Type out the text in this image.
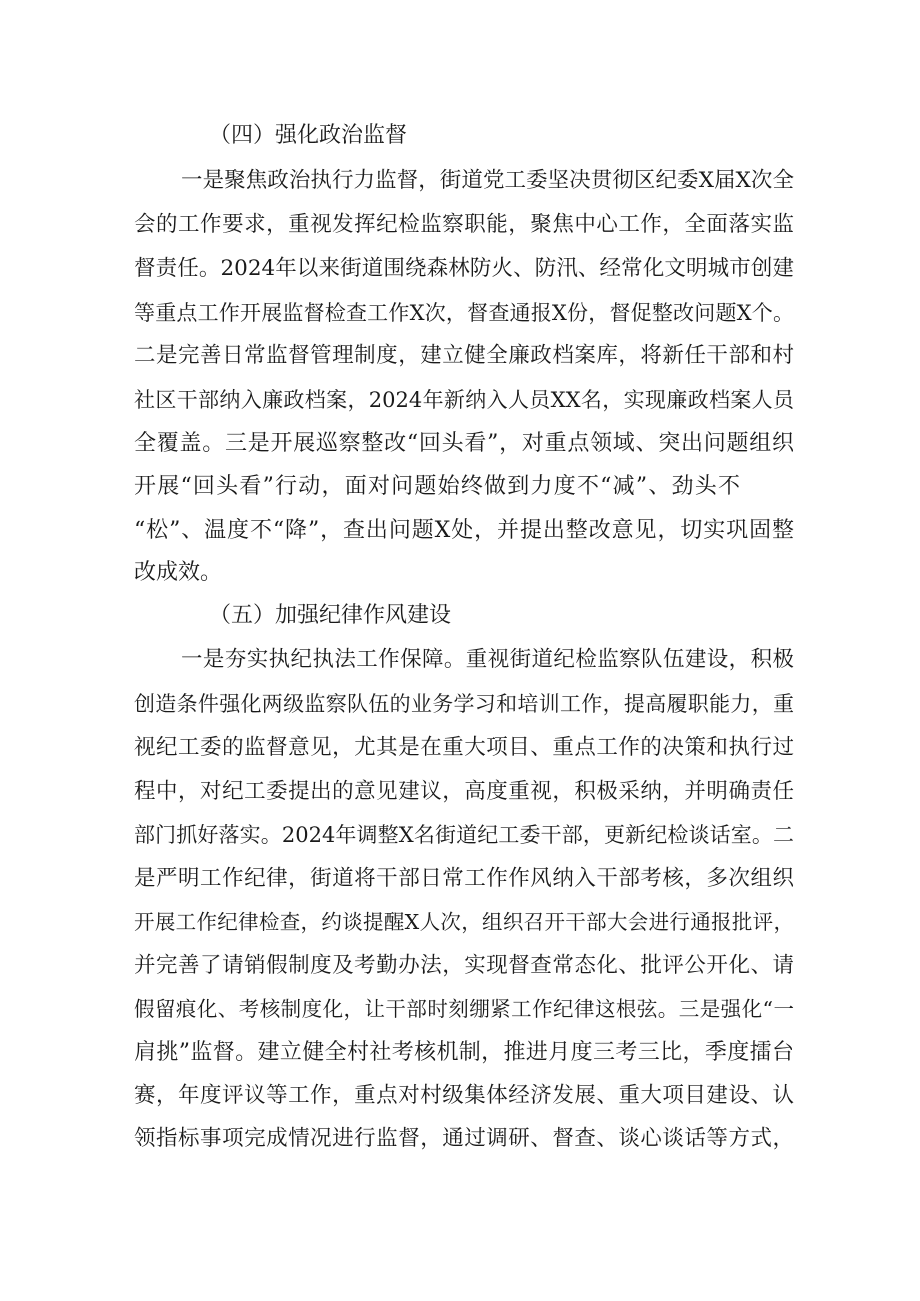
（四）强化政治监督
一是聚焦政治执行力监督，街道党工委坚决贯彻区纪委X届X次全
会的工作要求，重视发挥纪检监察职能，聚焦中心工作，全面落实监
督责任。2024年以来街道围绕森林防火、防汛、经常化文明城市创建
等重点工作开展监督检查工作X次，督查通报X份，督促整改问题X个。
二是完善日常监督管理制度，建立健全廉政档案库，将新任干部和村
社区干部纳入廉政档案，2024年新纳入人员XX名，实现廉政档案人员
全覆盖。三是开展巡察整改“回头看”，对重点领域、突出问题组织
开展“回头看”行动，面对问题始终做到力度不“减”、劲头不
“松”、温度不“降”，查出问题X处，并提出整改意见，切实巩固整
改成效。
（五）加强纪律作风建设
一是夯实执纪执法工作保障。重视街道纪检监察队伍建设，积极
创造条件强化两级监察队伍的业务学习和培训工作，提高履职能力，重
视纪工委的监督意见，尤其是在重大项目、重点工作的决策和执行过
程中，对纪工委提出的意见建议，高度重视，积极采纳，并明确责任
部门抓好落实。2024年调整X名街道纪工委干部，更新纪检谈话室。二
是严明工作纪律，街道将干部日常工作作风纳入干部考核，多次组织
开展工作纪律检查，约谈提醒X人次，组织召开干部大会进行通报批评，
并完善了请销假制度及考勤办法，实现督查常态化、批评公开化、请
假留痕化、考核制度化，让干部时刻绷紧工作纪律这根弦。三是强化“一
肩挑”监督。建立健全村社考核机制，推进月度三考三比，季度擂台
赛，年度评议等工作，重点对村级集体经济发展、重大项目建设、认
领指标事项完成情况进行监督，通过调研、督查、谈心谈话等方式，
